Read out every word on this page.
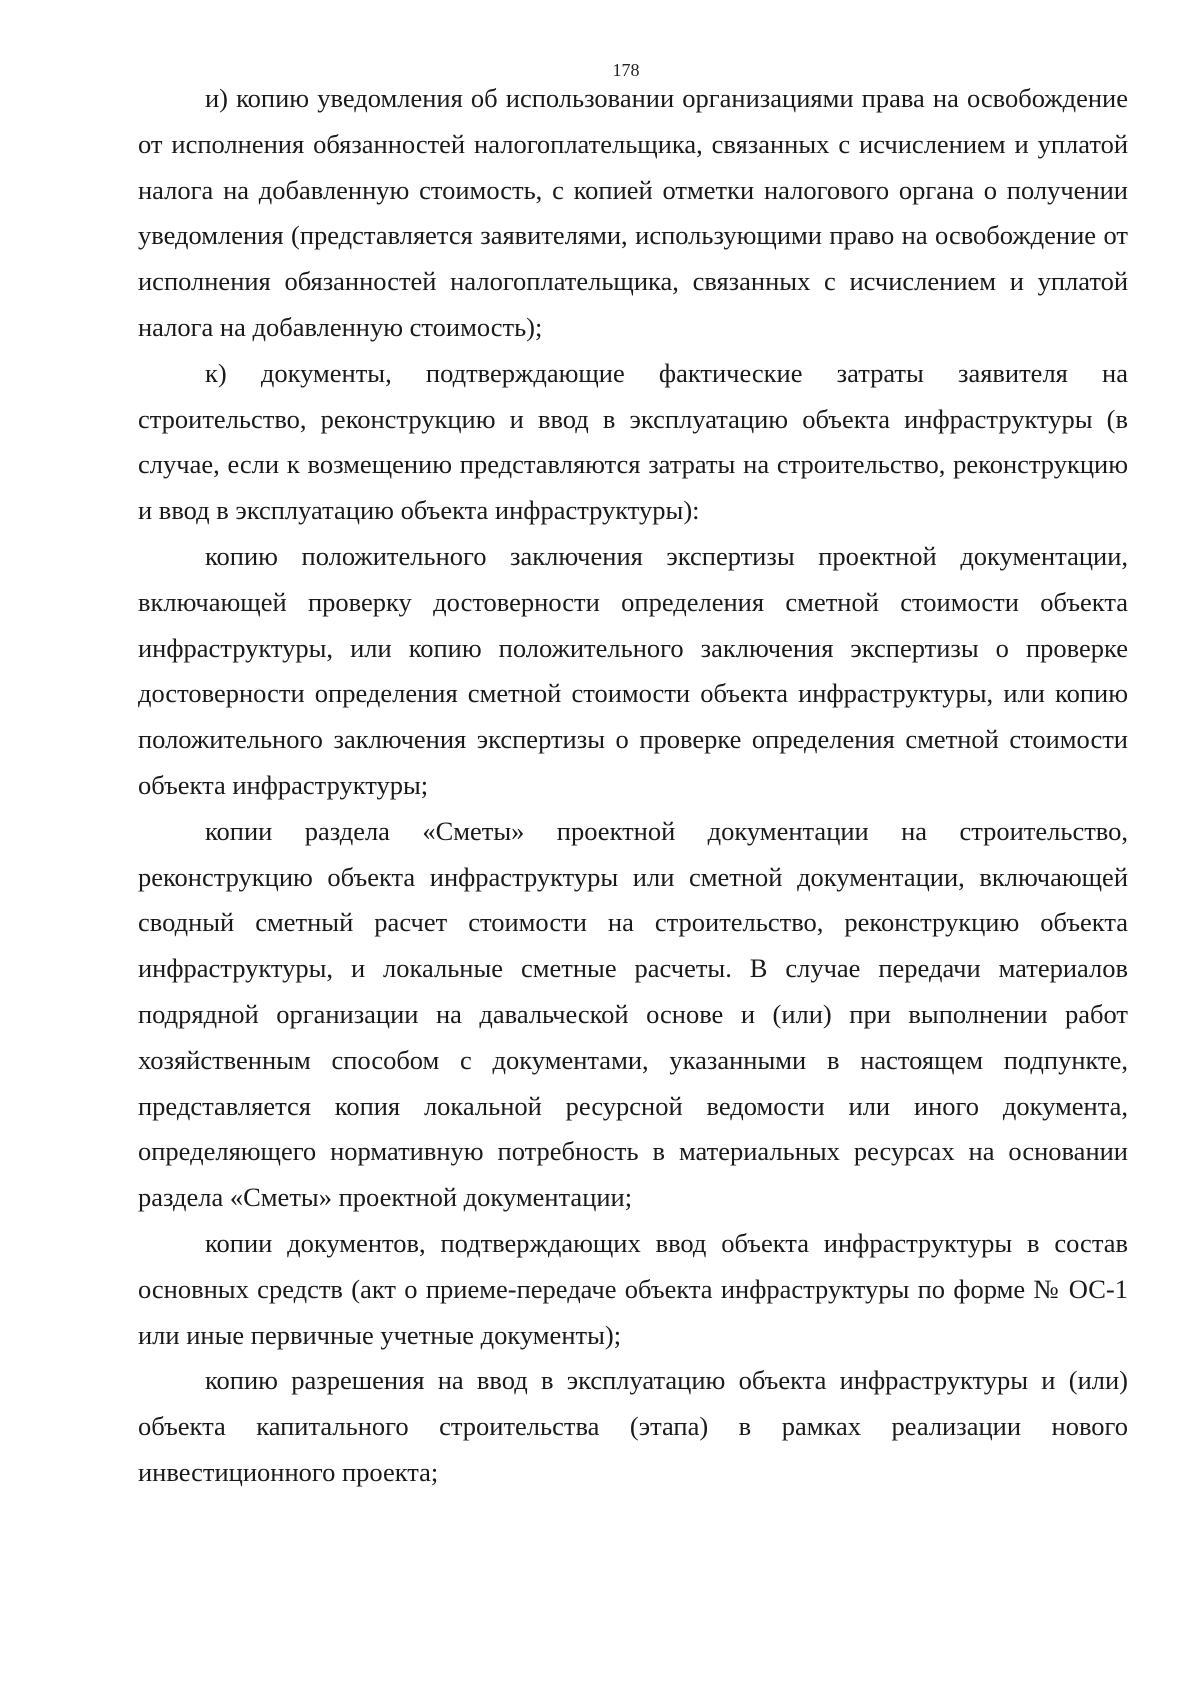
178

и) копию уведомления об использовании организациями права на освобождение от исполнения обязанностей налогоплательщика, связанных с исчислением и уплатой налога на добавленную стоимость, с копией отметки налогового органа о получении уведомления (представляется заявителями, использующими право на освобождение от исполнения обязанностей налогоплательщика, связанных с исчислением и уплатой налога на добавленную стоимость);

к) документы, подтверждающие фактические затраты заявителя на строительство, реконструкцию и ввод в эксплуатацию объекта инфраструктуры (в случае, если к возмещению представляются затраты на строительство, реконструкцию и ввод в эксплуатацию объекта инфраструктуры):

копию положительного заключения экспертизы проектной документации, включающей проверку достоверности определения сметной стоимости объекта инфраструктуры, или копию положительного заключения экспертизы о проверке достоверности определения сметной стоимости объекта инфраструктуры, или копию положительного заключения экспертизы о проверке определения сметной стоимости объекта инфраструктуры;

копии раздела «Сметы» проектной документации на строительство, реконструкцию объекта инфраструктуры или сметной документации, включающей сводный сметный расчет стоимости на строительство, реконструкцию объекта инфраструктуры, и локальные сметные расчеты. В случае передачи материалов подрядной организации на давальческой основе и (или) при выполнении работ хозяйственным способом с документами, указанными в настоящем подпункте, представляется копия локальной ресурсной ведомости или иного документа, определяющего нормативную потребность в материальных ресурсах на основании раздела «Сметы» проектной документации;

копии документов, подтверждающих ввод объекта инфраструктуры в состав основных средств (акт о приеме-передаче объекта инфраструктуры по форме № ОС-1 или иные первичные учетные документы);

копию разрешения на ввод в эксплуатацию объекта инфраструктуры и (или) объекта капитального строительства (этапа) в рамках реализации нового инвестиционного проекта;
